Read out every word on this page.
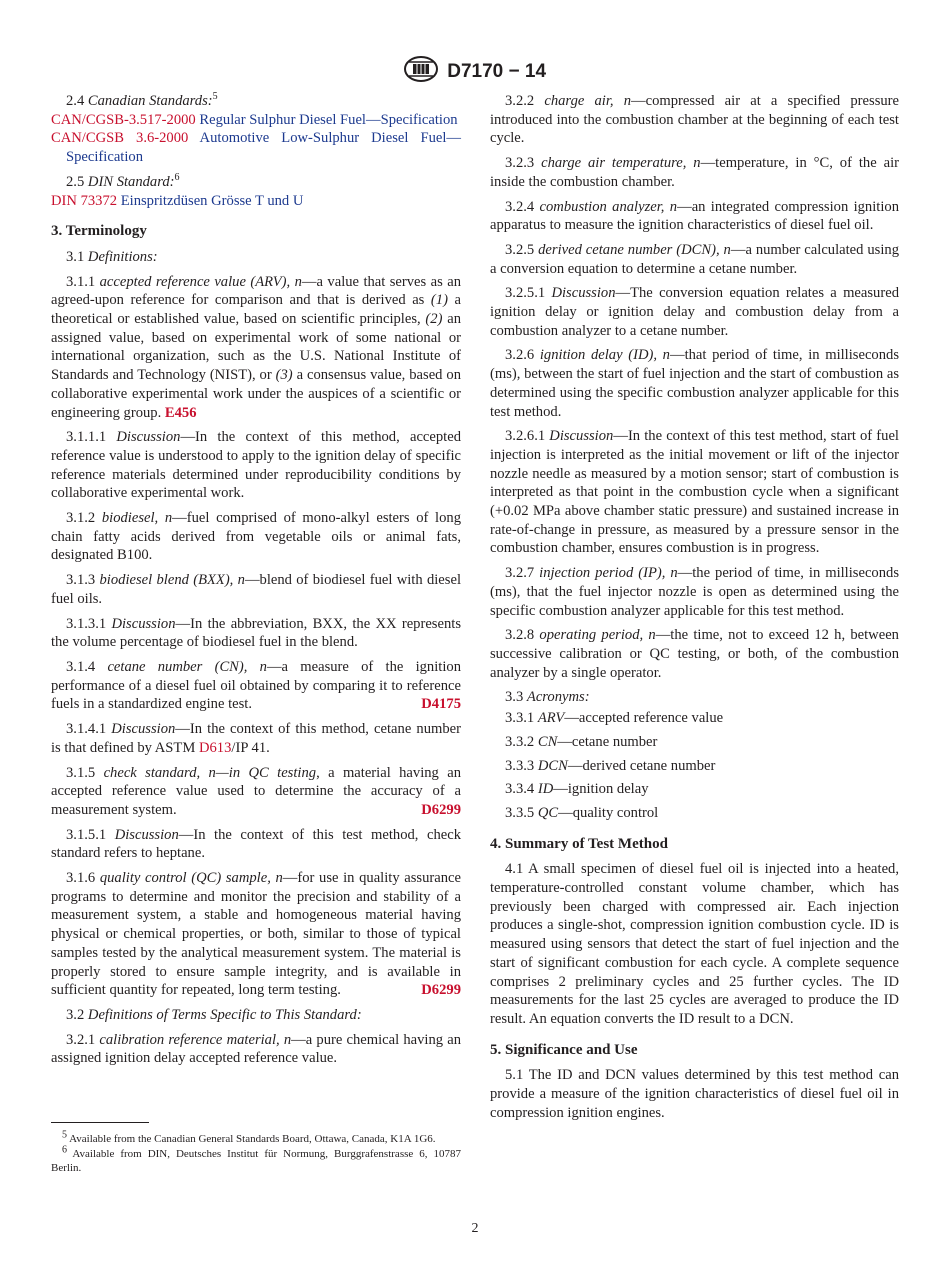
D7170 − 14

2.4 Canadian Standards:$^5$

CAN/CGSB-3.517-2000 Regular Sulphur Diesel Fuel—Specification

CAN/CGSB 3.6-2000 Automotive Low-Sulphur Diesel Fuel—Specification

2.5 DIN Standard:$^6$

DIN 73372 Einspritzdüsen Grösse T und U

3. Terminology

3.1 Definitions:

3.1.1 accepted reference value (ARV), n—a value that serves as an agreed-upon reference for comparison and that is derived as (1) a theoretical or established value, based on scientific principles, (2) an assigned value, based on experimental work of some national or international organization, such as the U.S. National Institute of Standards and Technology (NIST), or (3) a consensus value, based on collaborative experimental work under the auspices of a scientific or engineering group. E456

3.1.1.1 Discussion—In the context of this method, accepted reference value is understood to apply to the ignition delay of specific reference materials determined under reproducibility conditions by collaborative experimental work.

3.1.2 biodiesel, n—fuel comprised of mono-alkyl esters of long chain fatty acids derived from vegetable oils or animal fats, designated B100.

3.1.3 biodiesel blend (BXX), n—blend of biodiesel fuel with diesel fuel oils.

3.1.3.1 Discussion—In the abbreviation, BXX, the XX represents the volume percentage of biodiesel fuel in the blend.

3.1.4 cetane number (CN), n—a measure of the ignition performance of a diesel fuel oil obtained by comparing it to reference fuels in a standardized engine test.	D4175

3.1.4.1 Discussion—In the context of this method, cetane number is that defined by ASTM D613/IP 41.

3.1.5 check standard, n—in QC testing, a material having an accepted reference value used to determine the accuracy of a measurement system.	D6299

3.1.5.1 Discussion—In the context of this test method, check standard refers to heptane.

3.1.6 quality control (QC) sample, n—for use in quality assurance programs to determine and monitor the precision and stability of a measurement system, a stable and homogeneous material having physical or chemical properties, or both, similar to those of typical samples tested by the analytical measurement system. The material is properly stored to ensure sample integrity, and is available in sufficient quantity for repeated, long term testing.	D6299

3.2 Definitions of Terms Specific to This Standard:

3.2.1 calibration reference material, n—a pure chemical having an assigned ignition delay accepted reference value.

$^5$ Available from the Canadian General Standards Board, Ottawa, Canada, K1A 1G6.

$^6$ Available from DIN, Deutsches Institut für Normung, Burggrafenstrasse 6, 10787 Berlin.

3.2.2 charge air, n—compressed air at a specified pressure introduced into the combustion chamber at the beginning of each test cycle.

3.2.3 charge air temperature, n—temperature, in °C, of the air inside the combustion chamber.

3.2.4 combustion analyzer, n—an integrated compression ignition apparatus to measure the ignition characteristics of diesel fuel oil.

3.2.5 derived cetane number (DCN), n—a number calculated using a conversion equation to determine a cetane number.

3.2.5.1 Discussion—The conversion equation relates a measured ignition delay or ignition delay and combustion delay from a combustion analyzer to a cetane number.

3.2.6 ignition delay (ID), n—that period of time, in milliseconds (ms), between the start of fuel injection and the start of combustion as determined using the specific combustion analyzer applicable for this test method.

3.2.6.1 Discussion—In the context of this test method, start of fuel injection is interpreted as the initial movement or lift of the injector nozzle needle as measured by a motion sensor; start of combustion is interpreted as that point in the combustion cycle when a significant (+0.02 MPa above chamber static pressure) and sustained increase in rate-of-change in pressure, as measured by a pressure sensor in the combustion chamber, ensures combustion is in progress.

3.2.7 injection period (IP), n—the period of time, in milliseconds (ms), that the fuel injector nozzle is open as determined using the specific combustion analyzer applicable for this test method.

3.2.8 operating period, n—the time, not to exceed 12 h, between successive calibration or QC testing, or both, of the combustion analyzer by a single operator.

3.3 Acronyms:

3.3.1 ARV—accepted reference value

3.3.2 CN—cetane number

3.3.3 DCN—derived cetane number

3.3.4 ID—ignition delay

3.3.5 QC—quality control

4. Summary of Test Method

4.1 A small specimen of diesel fuel oil is injected into a heated, temperature-controlled constant volume chamber, which has previously been charged with compressed air. Each injection produces a single-shot, compression ignition combustion cycle. ID is measured using sensors that detect the start of fuel injection and the start of significant combustion for each cycle. A complete sequence comprises 2 preliminary cycles and 25 further cycles. The ID measurements for the last 25 cycles are averaged to produce the ID result. An equation converts the ID result to a DCN.

5. Significance and Use

5.1 The ID and DCN values determined by this test method can provide a measure of the ignition characteristics of diesel fuel oil in compression ignition engines.

2
